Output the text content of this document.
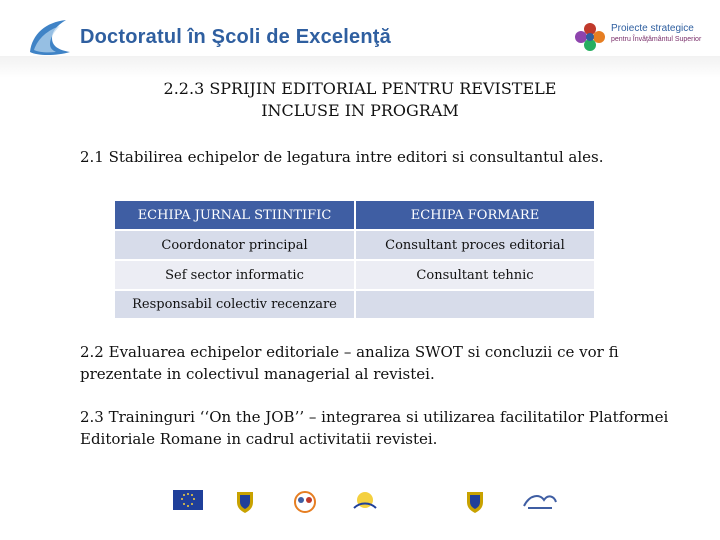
Doctoratul în Şcoli de Excelenţă	Proiecte strategice
pentru Învăţământul Superior
2.2.3 SPRIJIN EDITORIAL PENTRU REVISTELE
INCLUSE IN PROGRAM
2.1 Stabilirea echipelor de legatura intre editori si consultantul ales.
ECHIPA JURNAL STIINTIFIC	ECHIPA FORMARE
Coordonator principal	Consultant proces editorial
Sef sector informatic	Consultant tehnic
Responsabil colectiv recenzare
2.2 Evaluarea echipelor editoriale – analiza SWOT si concluzii ce vor fi prezentate in colectivul managerial al revistei.
2.3 Traininguri ‘‘On the JOB’’ – integrarea si utilizarea facilitatilor Platformei Editoriale Romane in cadrul activitatii revistei.
